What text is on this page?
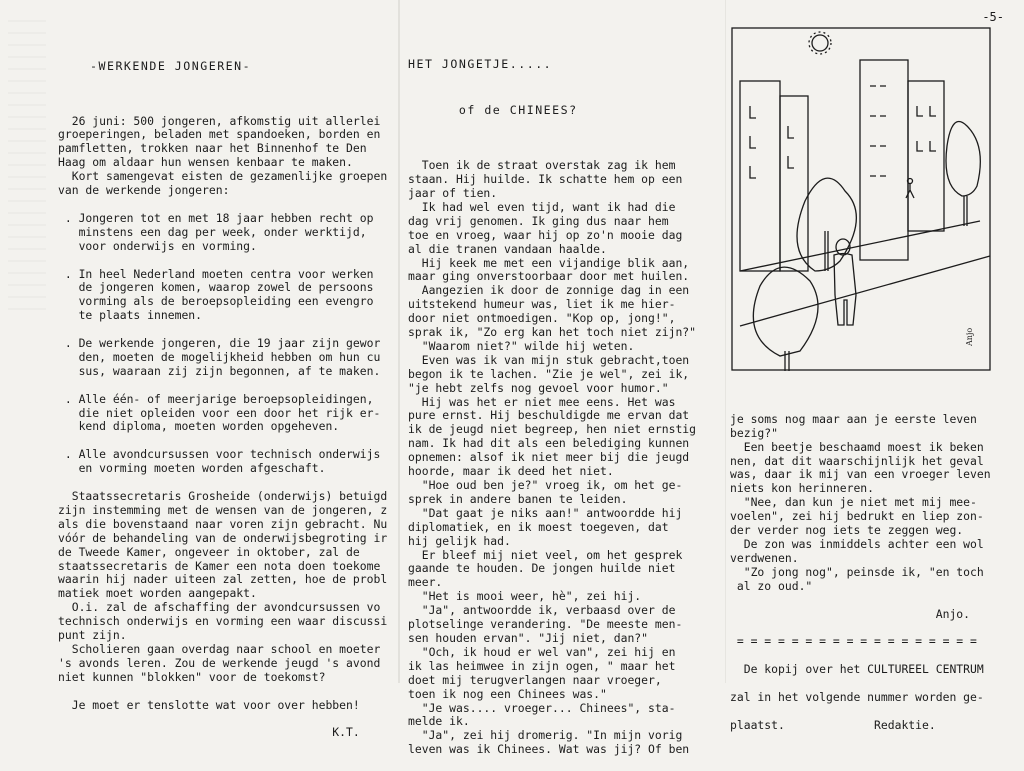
-5-

-WERKENDE JONGEREN-

26 juni: 500 jongeren, afkomstig uit allerlei

groeperingen, beladen met spandoeken, borden en

pamfletten, trokken naar het Binnenhof te Den

Haag om aldaar hun wensen kenbaar te maken.

Kort samengevat eisten de gezamenlijke groepen

van de werkende jongeren:

. Jongeren tot en met 18 jaar hebben recht op

minstens een dag per week, onder werktijd,

voor onderwijs en vorming.

. In heel Nederland moeten centra voor werken

de jongeren komen, waarop zowel de persoons

vorming als de beroepsopleiding een evengro

te plaats innemen.

. De werkende jongeren, die 19 jaar zijn gewor

den, moeten de mogelijkheid hebben om hun cu

sus, waaraan zij zijn begonnen, af te maken.

. Alle één- of meerjarige beroepsopleidingen,

die niet opleiden voor een door het rijk er-

kend diploma, moeten worden opgeheven.

. Alle avondcursussen voor technisch onderwijs

en vorming moeten worden afgeschaft.

Staatssecretaris Grosheide (onderwijs) betuigd

zijn instemming met de wensen van de jongeren, z

als die bovenstaand naar voren zijn gebracht. Nu

vóór de behandeling van de onderwijsbegroting ir

de Tweede Kamer, ongeveer in oktober, zal de

staatssecretaris de Kamer een nota doen toekome

waarin hij nader uiteen zal zetten, hoe de probl

matiek moet worden aangepakt.

O.i. zal de afschaffing der avondcursussen vo

technisch onderwijs en vorming een waar discussi

punt zijn.

Scholieren gaan overdag naar school en moeter

's avonds leren. Zou de werkende jeugd 's avond

niet kunnen "blokken" voor de toekomst?

Je moet er tenslotte wat voor over hebben!

K.T.

HET JONGETJE.....

of de CHINEES?

Toen ik de straat overstak zag ik hem

staan. Hij huilde. Ik schatte hem op een

jaar of tien.

Ik had wel even tijd, want ik had die

dag vrij genomen. Ik ging dus naar hem

toe en vroeg, waar hij op zo'n mooie dag

al die tranen vandaan haalde.

Hij keek me met een vijandige blik aan,

maar ging onverstoorbaar door met huilen.

Aangezien ik door de zonnige dag in een

uitstekend humeur was, liet ik me hier-

door niet ontmoedigen. "Kop op, jong!",

sprak ik, "Zo erg kan het toch niet zijn?"

"Waarom niet?" wilde hij weten.

Even was ik van mijn stuk gebracht,toen

begon ik te lachen. "Zie je wel", zei ik,

"je hebt zelfs nog gevoel voor humor."

Hij was het er niet mee eens. Het was

pure ernst. Hij beschuldigde me ervan dat

ik de jeugd niet begreep, hen niet ernstig

nam. Ik had dit als een belediging kunnen

opnemen: alsof ik niet meer bij die jeugd

hoorde, maar ik deed het niet.

"Hoe oud ben je?" vroeg ik, om het ge-

sprek in andere banen te leiden.

"Dat gaat je niks aan!" antwoordde hij

diplomatiek, en ik moest toegeven, dat

hij gelijk had.

Er bleef mij niet veel, om het gesprek

gaande te houden. De jongen huilde niet

meer.

"Het is mooi weer, hè", zei hij.

"Ja", antwoordde ik, verbaasd over de

plotselinge verandering. "De meeste men-

sen houden ervan". "Jij niet, dan?"

"Och, ik houd er wel van", zei hij en

ik las heimwee in zijn ogen, " maar het

doet mij terugverlangen naar vroeger,

toen ik nog een Chinees was."

"Je was.... vroeger... Chinees", sta-

melde ik.

"Ja", zei hij dromerig. "In mijn vorig

leven was ik Chinees. Wat was jij? Of ben

Anjo

je soms nog maar aan je eerste leven

bezig?"

Een beetje beschaamd moest ik beken

nen, dat dit waarschijnlijk het geval

was, daar ik mij van een vroeger leven

niets kon herinneren.

"Nee, dan kun je niet met mij mee-

voelen", zei hij bedrukt en liep zon-

der verder nog iets te zeggen weg.

De zon was inmiddels achter een wol

verdwenen.

"Zo jong nog", peinsde ik, "en toch

al zo oud."

Anjo.

= = = = = = = = = = = = = = = = = =

De kopij over het CULTUREEL CENTRUM

zal in het volgende nummer worden ge-

plaatst.             Redaktie.
